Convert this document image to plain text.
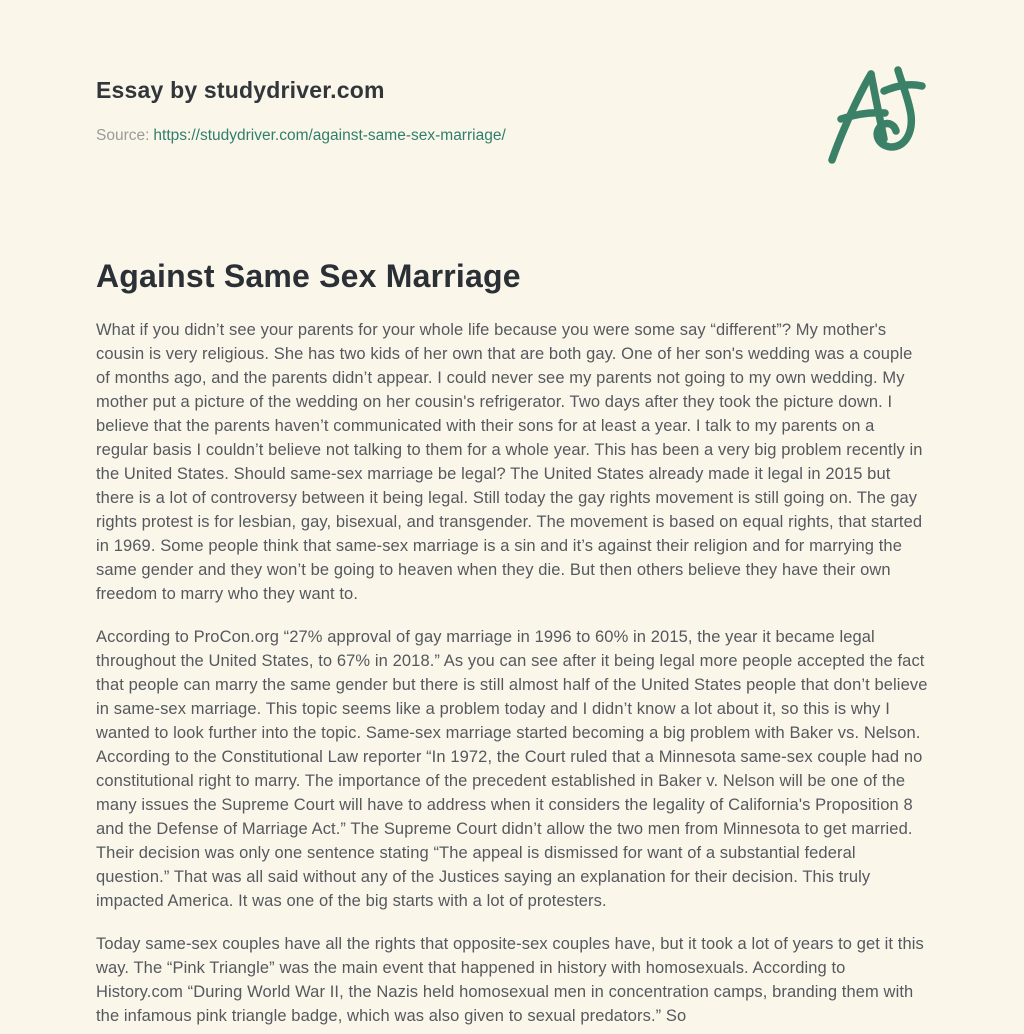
Essay by studydriver.com
Source: https://studydriver.com/against-same-sex-marriage/
Against Same Sex Marriage

What if you didn’t see your parents for your whole life because you were some say “different”? My mother's cousin is very religious. She has two kids of her own that are both gay. One of her son's wedding was a couple of months ago, and the parents didn’t appear. I could never see my parents not going to my own wedding. My mother put a picture of the wedding on her cousin's refrigerator. Two days after they took the picture down. I believe that the parents haven’t communicated with their sons for at least a year. I talk to my parents on a regular basis I couldn’t believe not talking to them for a whole year. This has been a very big problem recently in the United States. Should same-sex marriage be legal? The United States already made it legal in 2015 but there is a lot of controversy between it being legal. Still today the gay rights movement is still going on. The gay rights protest is for lesbian, gay, bisexual, and transgender. The movement is based on equal rights, that started in 1969. Some people think that same-sex marriage is a sin and it’s against their religion and for marrying the same gender and they won’t be going to heaven when they die. But then others believe they have their own freedom to marry who they want to.

According to ProCon.org “27% approval of gay marriage in 1996 to 60% in 2015, the year it became legal throughout the United States, to 67% in 2018.” As you can see after it being legal more people accepted the fact that people can marry the same gender but there is still almost half of the United States people that don’t believe in same-sex marriage. This topic seems like a problem today and I didn’t know a lot about it, so this is why I wanted to look further into the topic. Same-sex marriage started becoming a big problem with Baker vs. Nelson. According to the Constitutional Law reporter “In 1972, the Court ruled that a Minnesota same-sex couple had no constitutional right to marry. The importance of the precedent established in Baker v. Nelson will be one of the many issues the Supreme Court will have to address when it considers the legality of California's Proposition 8 and the Defense of Marriage Act.” The Supreme Court didn’t allow the two men from Minnesota to get married. Their decision was only one sentence stating “The appeal is dismissed for want of a substantial federal question.” That was all said without any of the Justices saying an explanation for their decision. This truly impacted America. It was one of the big starts with a lot of protesters.

Today same-sex couples have all the rights that opposite-sex couples have, but it took a lot of years to get it this way. The “Pink Triangle” was the main event that happened in history with homosexuals. According to History.com “During World War II, the Nazis held homosexual men in concentration camps, branding them with the infamous pink triangle badge, which was also given to sexual predators.” So
